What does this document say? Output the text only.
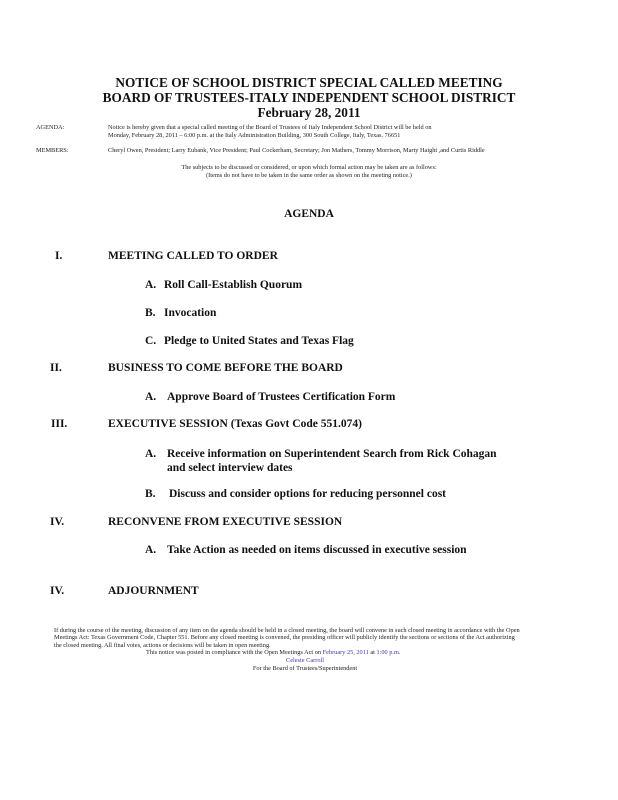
NOTICE OF SCHOOL DISTRICT SPECIAL CALLED MEETING
BOARD OF TRUSTEES-ITALY INDEPENDENT SCHOOL DISTRICT
February 28, 2011
AGENDA:	Notice is hereby given that a special called meeting of the Board of Trustees of Italy Independent School District will be held on
Monday, February 28, 2011 – 6:00 p.m. at the Italy Administration Building, 300 South College, Italy, Texas. 76651
MEMBERS:	Cheryl Owen, President; Larry Eubank, Vice President; Paul Cockerham, Secretary; Jon Mathers, Tommy Morrison, Marty Haight ,and Curtis Riddle
The subjects to be discussed or considered, or upon which formal action may be taken are as follows:
(Items do not have to be taken in the same order as shown on the meeting notice.)
AGENDA
I.	MEETING CALLED TO ORDER
A. Roll Call-Establish Quorum
B. Invocation
C. Pledge to United States and Texas Flag
II.	BUSINESS TO COME BEFORE THE BOARD
A. Approve Board of Trustees Certification Form
III.	EXECUTIVE SESSION (Texas Govt Code 551.074)
A. Receive information on Superintendent Search from Rick Cohagan
and select interview dates
B. Discuss and consider options for reducing personnel cost
IV.	RECONVENE FROM EXECUTIVE SESSION
A. Take Action as needed on items discussed in executive session
IV.	ADJOURNMENT
If during the course of the meeting, discussion of any item on the agenda should be held in a closed meeting, the board will convene in such closed meeting in accordance with the Open
Meetings Act: Texas Government Code, Chapter 551. Before any closed meeting is convened, the presiding officer will publicly identify the sections or sections of the Act authorizing
the closed meeting. All final votes, actions or decisions will be taken in open meeting.
This notice was posted in compliance with the Open Meetings Act on February 25, 2011 at 1:00 p.m.
Celeste Carroll
For the Board of Trustees/Superintendent
